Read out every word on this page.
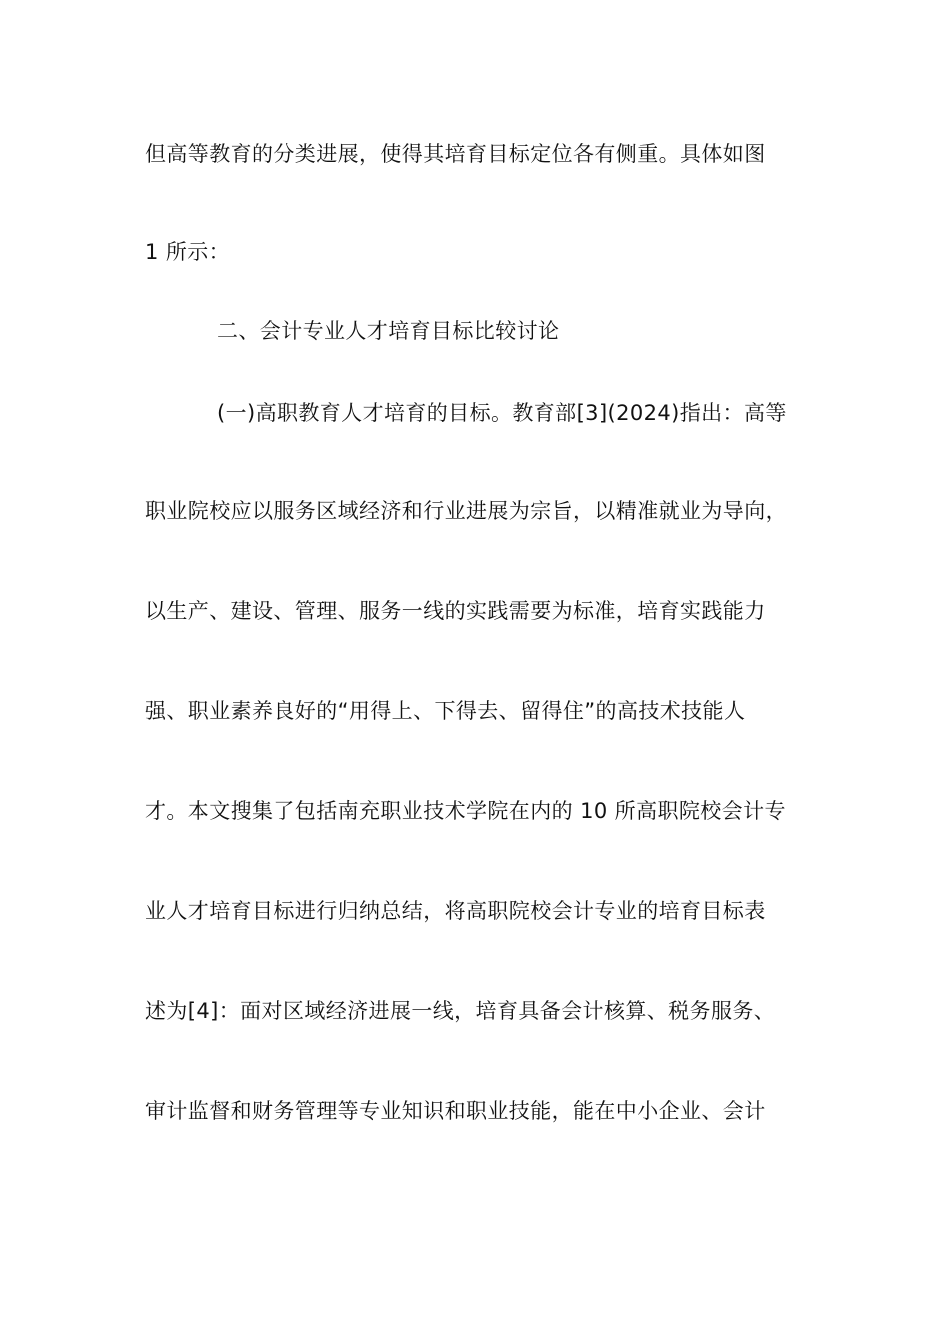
但高等教育的分类进展，使得其培育目标定位各有侧重。具体如图
1 所示：
二、会计专业人才培育目标比较讨论
(一)高职教育人才培育的目标。教育部[3](2024)指出：高等
职业院校应以服务区域经济和行业进展为宗旨，以精准就业为导向，
以生产、建设、管理、服务一线的实践需要为标准，培育实践能力
强、职业素养良好的“用得上、下得去、留得住”的高技术技能人
才。本文搜集了包括南充职业技术学院在内的 10 所高职院校会计专
业人才培育目标进行归纳总结，将高职院校会计专业的培育目标表
述为[4]：面对区域经济进展一线，培育具备会计核算、税务服务、
审计监督和财务管理等专业知识和职业技能，能在中小企业、会计
